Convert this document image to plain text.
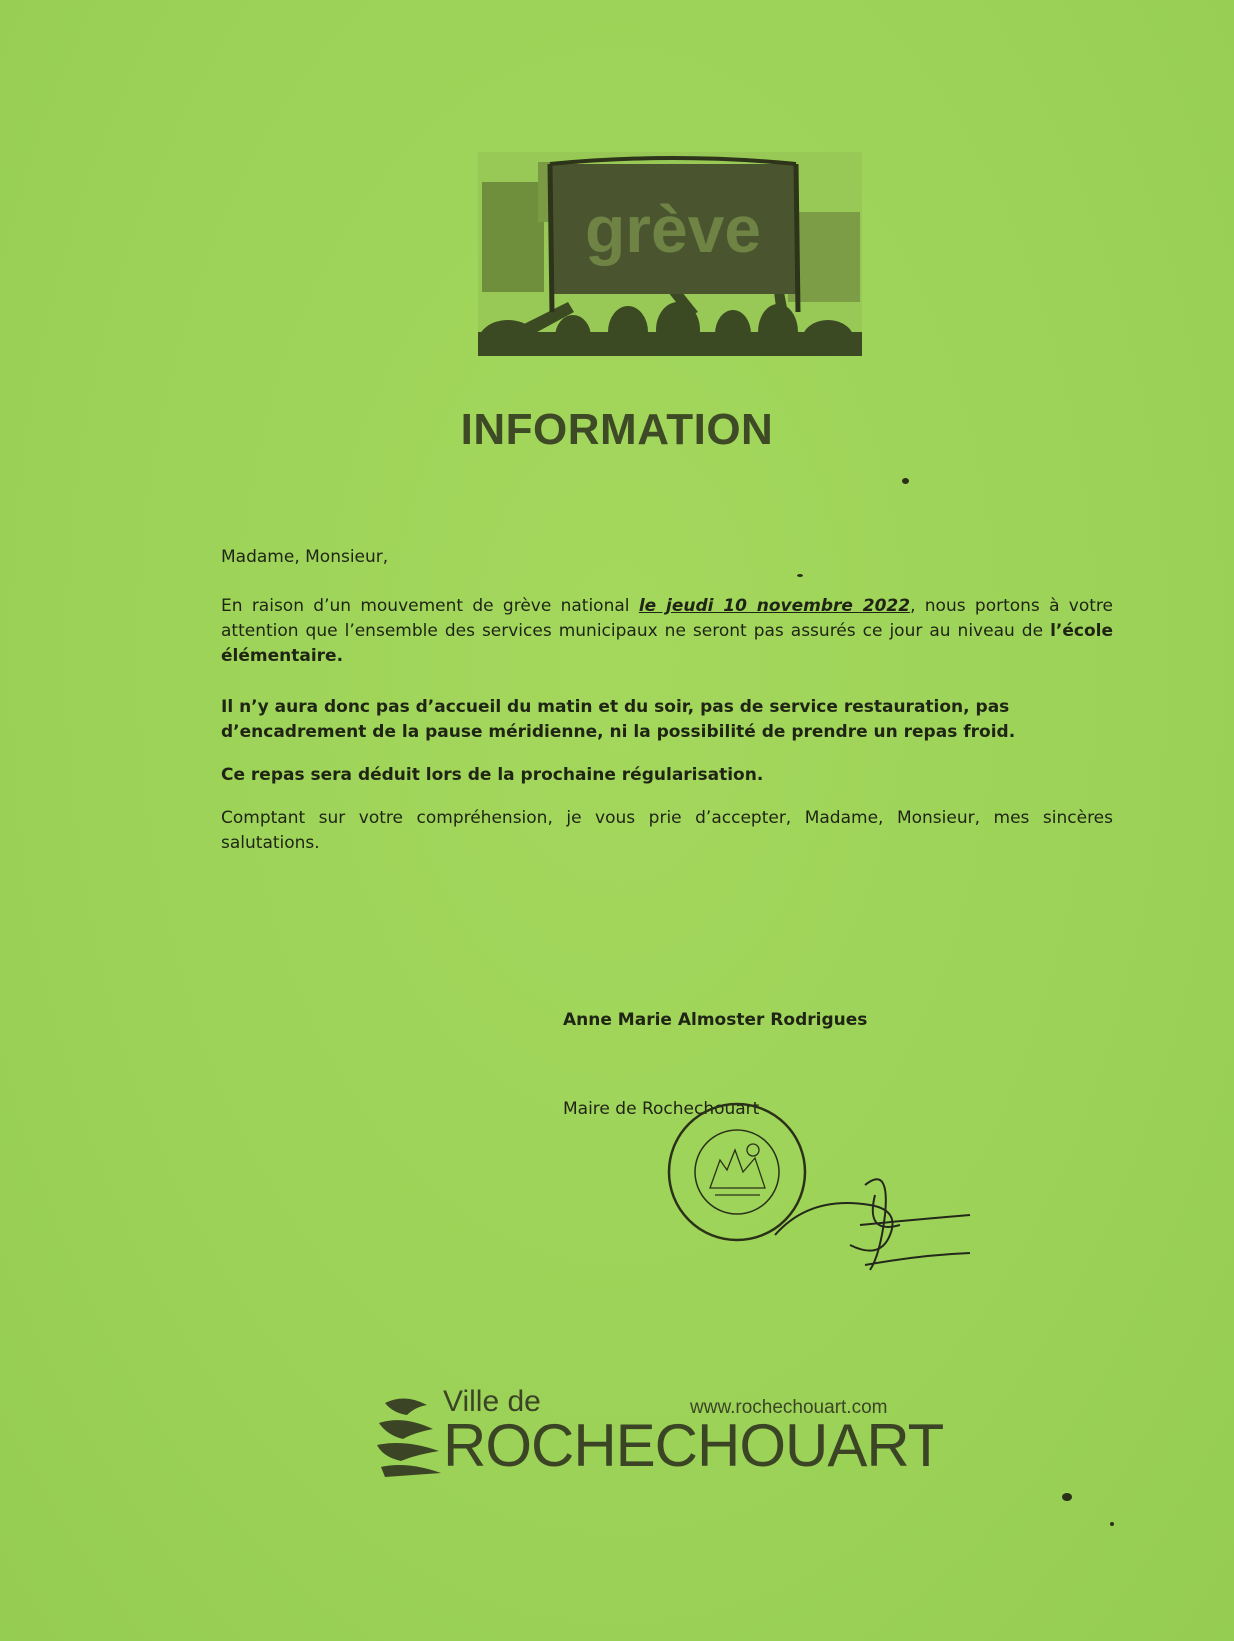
grève
INFORMATION
Madame, Monsieur,

En raison d’un mouvement de grève national le jeudi 10 novembre 2022, nous portons à votre attention que l’ensemble des services municipaux ne seront pas assurés ce jour au niveau de l’école élémentaire.

Il n’y aura donc pas d’accueil du matin et du soir, pas de service restauration, pas d’encadrement de la pause méridienne, ni la possibilité de prendre un repas froid.
Ce repas sera déduit lors de la prochaine régularisation.

Comptant sur votre compréhension, je vous prie d’accepter, Madame, Monsieur, mes sincères salutations.

Anne Marie Almoster Rodrigues
Maire de Rochechouart
Ville de
ROCHECHOUART
www.rochechouart.com
